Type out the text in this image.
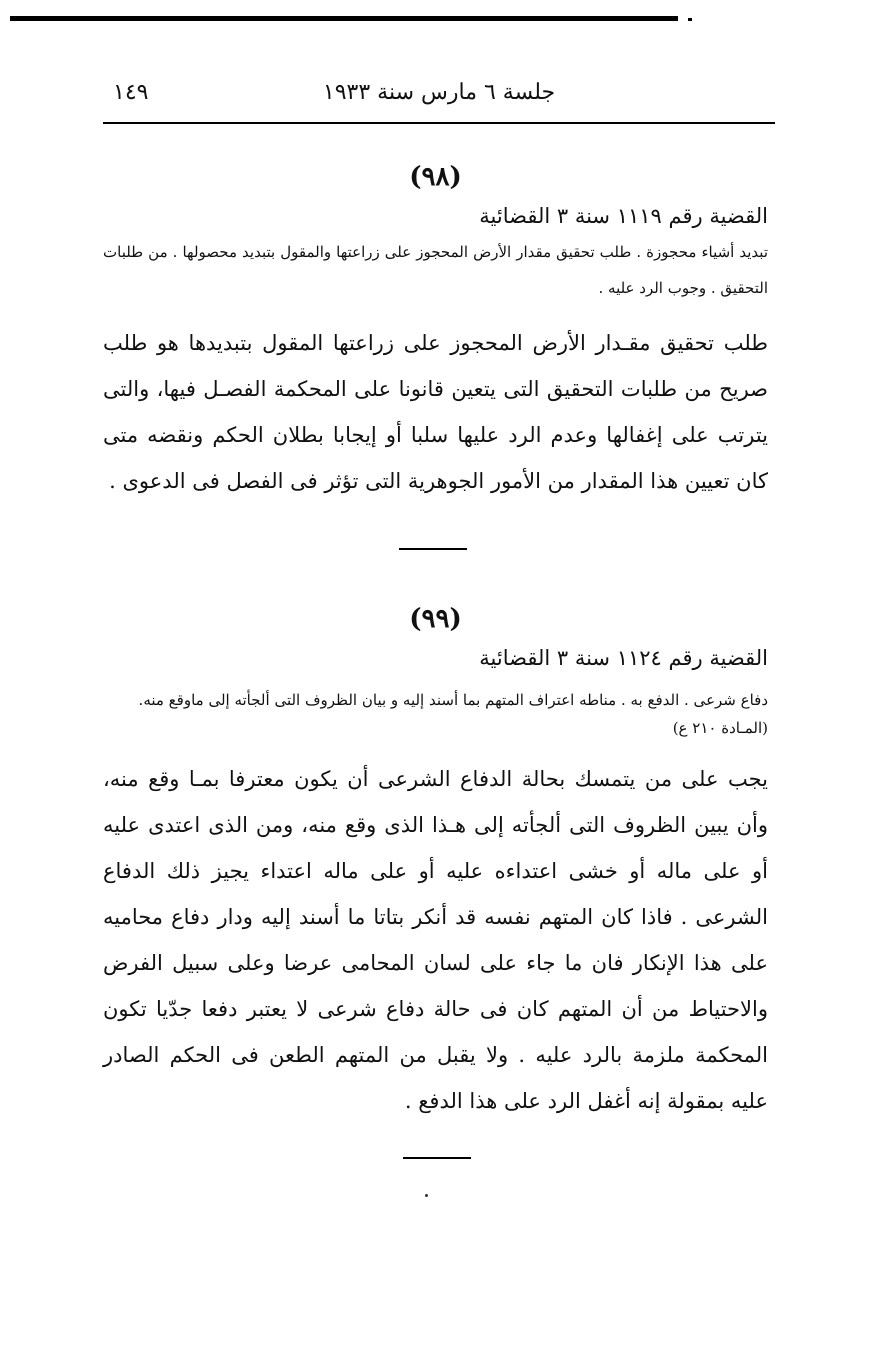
جلسة ٦ مارس سنة ١٩٣٣
١٤٩

(٩٨)

القضية رقم ١١١٩ سنة ٣ القضائية

تبديد أشياء محجوزة . طلب تحقيق مقدار الأرض المحجوز على زراعتها والمقول بتبديد محصولها . من طلبات التحقيق . وجوب الرد عليه .

طلب تحقيق مقـدار الأرض المحجوز على زراعتها المقول بتبديدها هو طلب صريح من طلبات التحقيق التى يتعين قانونا على المحكمة الفصـل فيها، والتى يترتب على إغفالها وعدم الرد عليها سلبا أو إيجابا بطلان الحكم ونقضه متى كان تعيين هذا المقدار من الأمور الجوهرية التى تؤثر فى الفصل فى الدعوى .

(٩٩)

القضية رقم ١١٢٤ سنة ٣ القضائية

دفاع شرعى . الدفع به . مناطه اعتراف المتهم بما أسند إليه و بيان الظروف التى ألجأته إلى ماوقع منه.

(المـادة ٢١٠ ع)

يجب على من يتمسك بحالة الدفاع الشرعى أن يكون معترفا بمـا وقع منه، وأن يبين الظروف التى ألجأته إلى هـذا الذى وقع منه، ومن الذى اعتدى عليه أو على ماله أو خشى اعتداءه عليه أو على ماله اعتداء يجيز ذلك الدفاع الشرعى . فاذا كان المتهم نفسه قد أنكر بتاتا ما أسند إليه ودار دفاع محاميه على هذا الإنكار فان ما جاء على لسان المحامى عرضا وعلى سبيل الفرض والاحتياط من أن المتهم كان فى حالة دفاع شرعى لا يعتبر دفعا جدّيا تكون المحكمة ملزمة بالرد عليه . ولا يقبل من المتهم الطعن فى الحكم الصادر عليه بمقولة إنه أغفل الرد على هذا الدفع .
